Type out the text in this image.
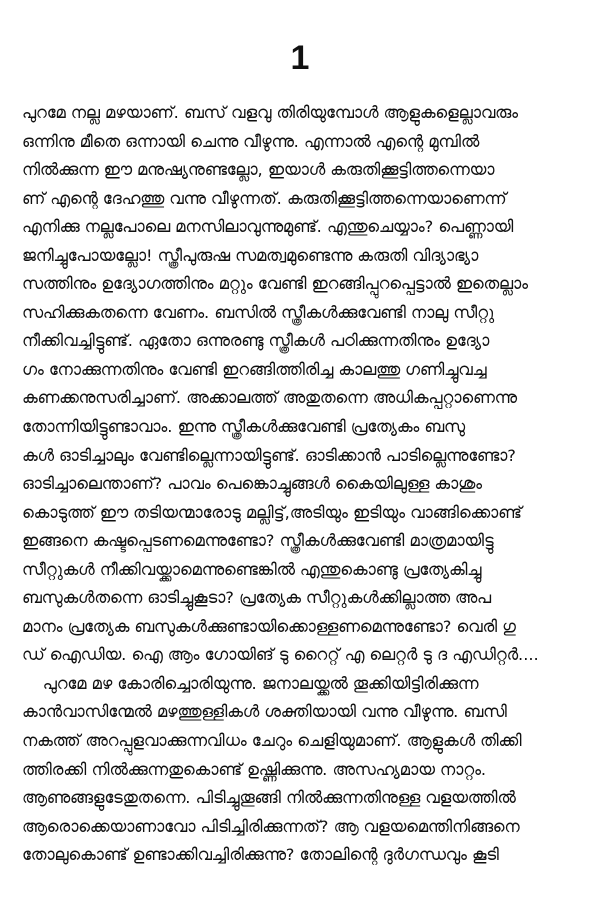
1
പുറമേ നല്ല മഴയാണ്. ബസ് വളവു തിരിയുമ്പോൾ ആളുകളെല്ലാവരും
ഒന്നിനു മീതെ ഒന്നായി ചെന്നു വീഴുന്നു. എന്നാൽ എന്റെ മുമ്പിൽ
നിൽക്കുന്ന ഈ മനുഷ്യനുണ്ടല്ലോ, ഇയാൾ കരുതിക്കൂട്ടിത്തന്നെയാ
ണ് എന്റെ ദേഹത്തു വന്നു വീഴുന്നത്. കരുതിക്കൂട്ടിത്തന്നെയാണെന്ന്
എനിക്കു നല്ലപോലെ മനസിലാവുന്നുമുണ്ട്. എന്തുചെയ്യാം? പെണ്ണായി
ജനിച്ചുപോയല്ലോ! സ്ത്രീപുരുഷ സമത്വമുണ്ടെന്നു കരുതി വിദ്യാഭ്യാ
സത്തിനും ഉദ്യോഗത്തിനും മറ്റും വേണ്ടി ഇറങ്ങിപ്പുറപ്പെട്ടാൽ ഇതെല്ലാം
സഹിക്കുകതന്നെ വേണം. ബസിൽ സ്ത്രീകൾക്കുവേണ്ടി നാലു സീറ്റു
നീക്കിവച്ചിട്ടുണ്ട്. ഏതോ ഒന്നുരണ്ടു സ്ത്രീകൾ പഠിക്കുന്നതിനും ഉദ്യോ
ഗം നോക്കുന്നതിനും വേണ്ടി ഇറങ്ങിത്തിരിച്ച കാലത്തു ഗണിച്ചുവച്ച
കണക്കനുസരിച്ചാണ്. അക്കാലത്ത് അതുതന്നെ അധികപ്പറ്റാണെന്നു
തോന്നിയിട്ടുണ്ടാവാം. ഇന്നു സ്ത്രീകൾക്കുവേണ്ടി പ്രത്യേകം ബസു
കൾ ഓടിച്ചാലും വേണ്ടില്ലെന്നായിട്ടുണ്ട്. ഓടിക്കാൻ പാടില്ലെന്നുണ്ടോ?
ഓടിച്ചാലെന്താണ്? പാവം പെങ്കൊച്ചുങ്ങൾ കൈയിലുള്ള കാശും
കൊടുത്ത് ഈ തടിയന്മാരോടു മല്ലിട്ട്,അടിയും ഇടിയും വാങ്ങിക്കൊണ്ട്
ഇങ്ങനെ കഷ്ടപ്പെടണമെന്നുണ്ടോ? സ്ത്രീകൾക്കുവേണ്ടി മാത്രമായിട്ടു
സീറ്റുകൾ നീക്കിവയ്ക്കാമെന്നുണ്ടെങ്കിൽ എന്തുകൊണ്ടു പ്രത്യേകിച്ചു
ബസുകൾതന്നെ ഓടിച്ചുകൂടാ? പ്രത്യേക സീറ്റുകൾക്കില്ലാത്ത അപ
മാനം പ്രത്യേക ബസുകൾക്കുണ്ടായിക്കൊള്ളണമെന്നുണ്ടോ? വെരി ഗു
ഡ് ഐഡിയ. ഐ ആം ഗോയിങ് ടു റൈറ്റ് എ ലെറ്റർ ടു ദ എഡിറ്റർ....
പുറമേ മഴ കോരിച്ചൊരിയുന്നു. ജനാലയ്ക്കൽ തൂക്കിയിട്ടിരിക്കുന്ന
കാൻവാസിന്മേൽ മഴത്തുള്ളികൾ ശക്തിയായി വന്നു വീഴുന്നു. ബസി
നകത്ത് അറപ്പുളവാക്കുന്നവിധം ചേറും ചെളിയുമാണ്. ആളുകൾ തിക്കി
ത്തിരക്കി നിൽക്കുന്നതുകൊണ്ട് ഉഷ്ണിക്കുന്നു. അസഹ്യമായ നാറ്റം.
ആണുങ്ങളുടേതുതന്നെ. പിടിച്ചുതൂങ്ങി നിൽക്കുന്നതിനുള്ള വളയത്തിൽ
ആരൊക്കെയാണാവോ പിടിച്ചിരിക്കുന്നത്? ആ വളയമെന്തിനിങ്ങനെ
തോലുകൊണ്ട് ഉണ്ടാക്കിവച്ചിരിക്കുന്നു? തോലിന്റെ ദുർഗന്ധവും കൂടി
